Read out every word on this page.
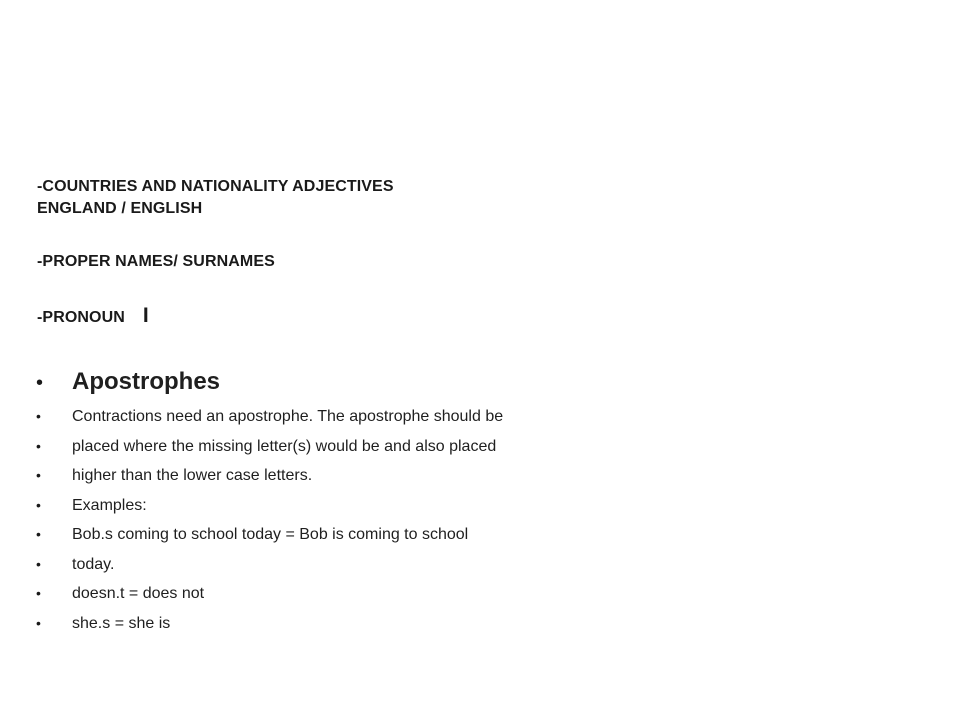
-COUNTRIES AND NATIONALITY ADJECTIVES
ENGLAND / ENGLISH
-PROPER NAMES/ SURNAMES
-PRONOUN I
•	Apostrophes
•	Contractions need an apostrophe. The apostrophe should be
•	placed where the missing letter(s) would be and also placed
•	higher than the lower case letters.
•	Examples:
•	Bob.s coming to school today = Bob is coming to school
•	today.
•	doesn.t = does not
•	she.s = she is
